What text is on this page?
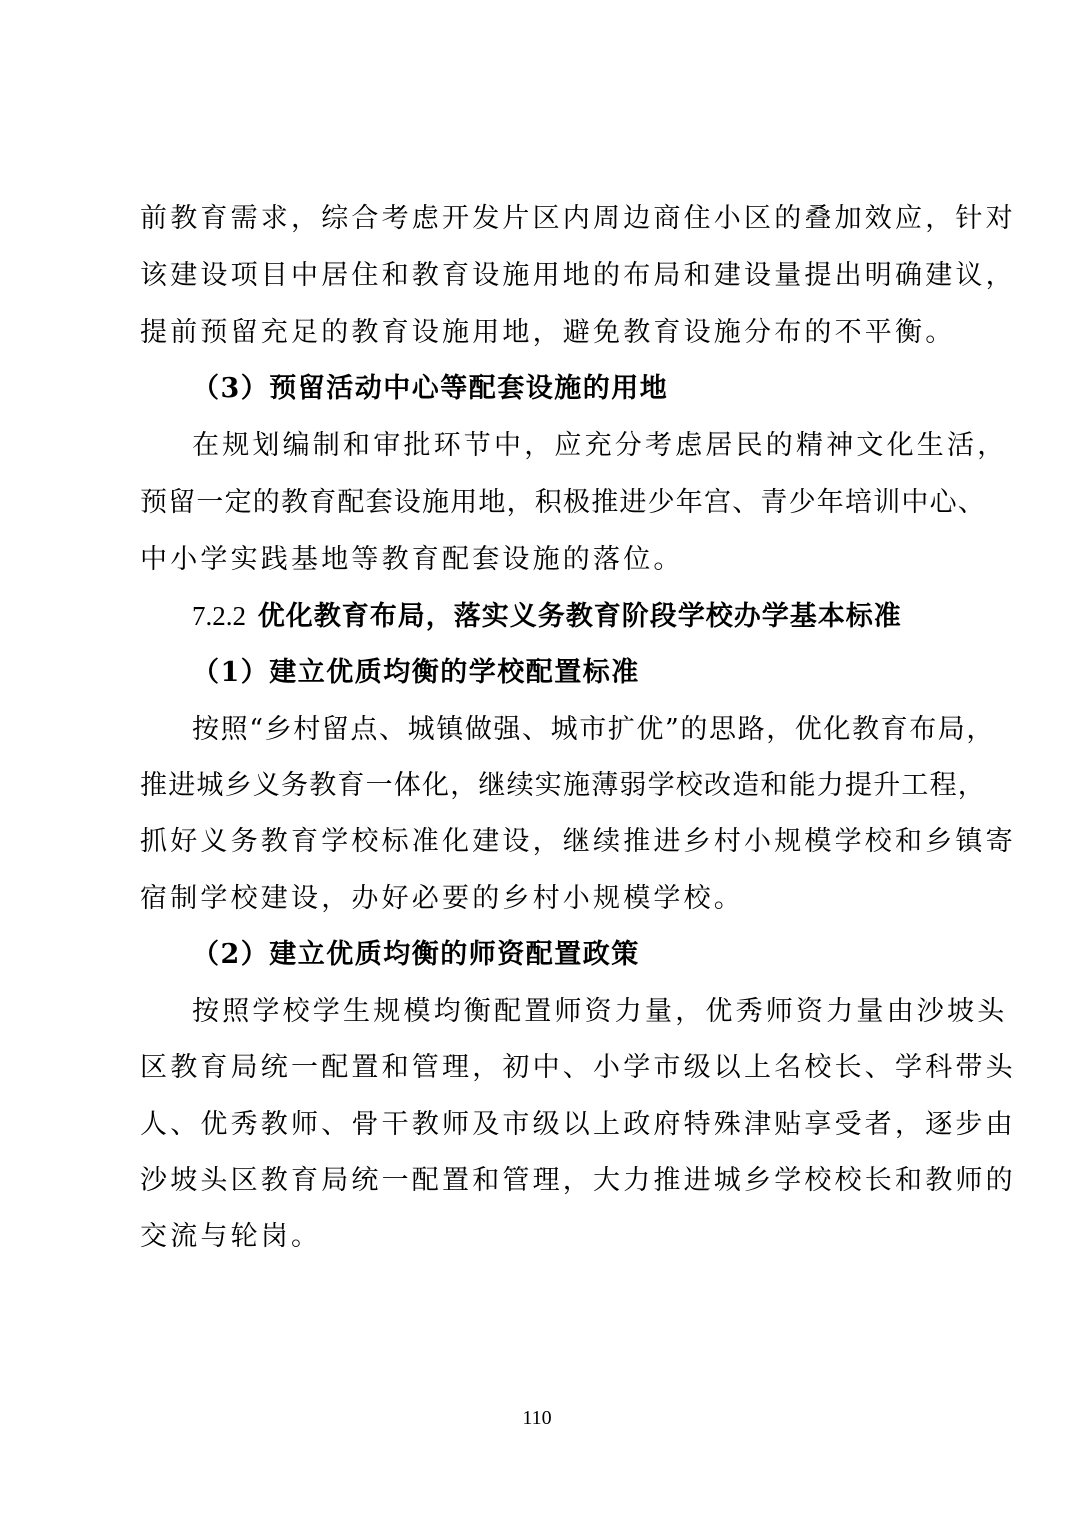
前教育需求，综合考虑开发片区内周边商住小区的叠加效应，针对
该建设项目中居住和教育设施用地的布局和建设量提出明确建议，
提前预留充足的教育设施用地，避免教育设施分布的不平衡。
（3）预留活动中心等配套设施的用地
在规划编制和审批环节中，应充分考虑居民的精神文化生活，
预留一定的教育配套设施用地，积极推进少年宫、青少年培训中心、
中小学实践基地等教育配套设施的落位。
7.2.2 优化教育布局，落实义务教育阶段学校办学基本标准
（1）建立优质均衡的学校配置标准
按照“乡村留点、城镇做强、城市扩优”的思路，优化教育布局，
推进城乡义务教育一体化，继续实施薄弱学校改造和能力提升工程，
抓好义务教育学校标准化建设，继续推进乡村小规模学校和乡镇寄
宿制学校建设，办好必要的乡村小规模学校。
（2）建立优质均衡的师资配置政策
按照学校学生规模均衡配置师资力量，优秀师资力量由沙坡头
区教育局统一配置和管理，初中、小学市级以上名校长、学科带头
人、优秀教师、骨干教师及市级以上政府特殊津贴享受者，逐步由
沙坡头区教育局统一配置和管理，大力推进城乡学校校长和教师的
交流与轮岗。
110
